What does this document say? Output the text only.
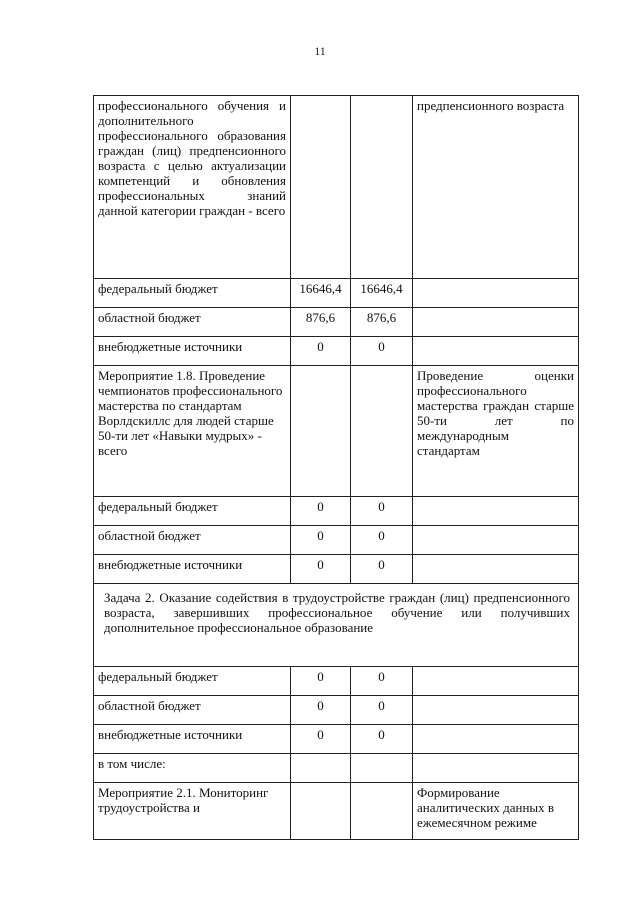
11
профессионального обучения и дополнительного профессионального образования граждан (лиц) предпенсионного возраста с целью актуализации компетенций и обновления профессиональных знаний данной категории граждан - всего			предпенсионного возраста
федеральный бюджет	16646,4	16646,4	
областной бюджет	876,6	876,6	
внебюджетные источники	0	0	
Мероприятие 1.8. Проведение чемпионатов профессионального мастерства по стандартам Ворлдскиллс для людей старше 50-ти лет «Навыки мудрых» - всего			Проведение оценки профессионального мастерства граждан старше 50-ти лет по международным стандартам
федеральный бюджет	0	0	
областной бюджет	0	0	
внебюджетные источники	0	0	
Задача 2. Оказание содействия в трудоустройстве граждан (лиц) предпенсионного возраста, завершивших профессиональное обучение или получивших дополнительное профессиональное образование			
федеральный бюджет	0	0	
областной бюджет	0	0	
внебюджетные источники	0	0	
в том числе:			
Мероприятие 2.1. Мониторинг трудоустройства и			Формирование аналитических данных в ежемесячном режиме
